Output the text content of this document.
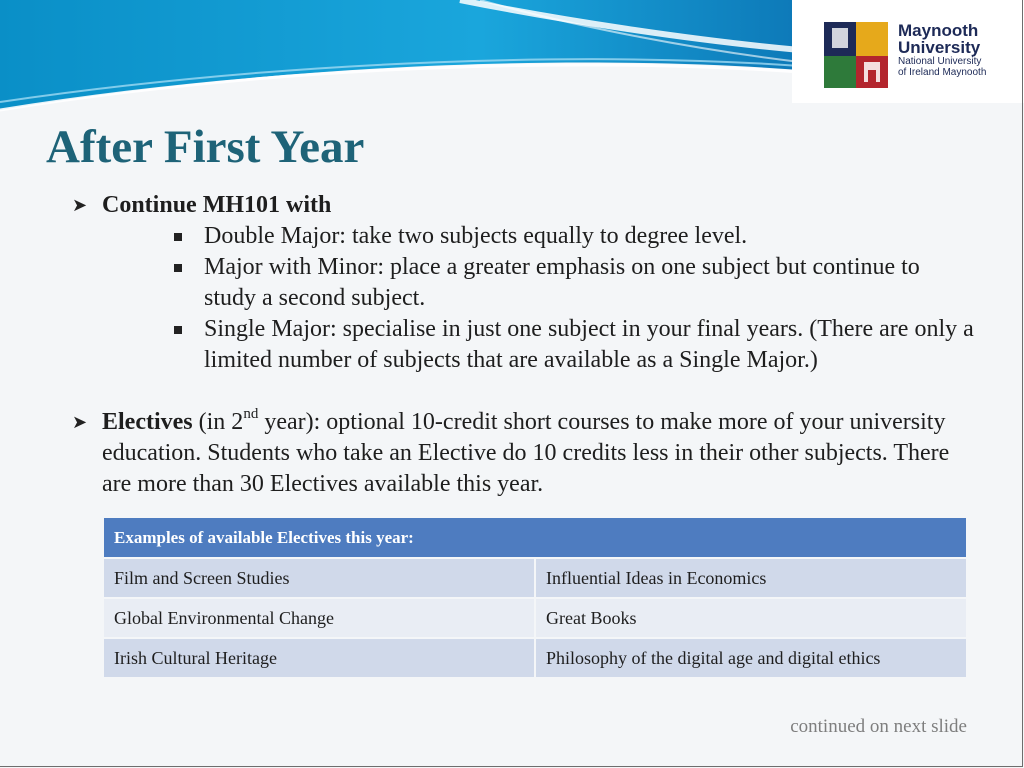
Maynooth
University
National University
of Ireland Maynooth
After First Year
➤ Continue MH101 with
Double Major: take two subjects equally to degree level.
Major with Minor: place a greater emphasis on one subject but continue to study a second subject.
Single Major: specialise in just one subject in your final years. (There are only a limited number of subjects that are available as a Single Major.)
➤ Electives (in 2nd year): optional 10-credit short courses to make more of your university education. Students who take an Elective do 10 credits less in their other subjects. There are more than 30 Electives available this year.
Examples of available Electives this year:	
Film and Screen Studies	Influential Ideas in Economics
Global Environmental Change	Great Books
Irish Cultural Heritage	Philosophy of the digital age and digital ethics
continued on next slide
